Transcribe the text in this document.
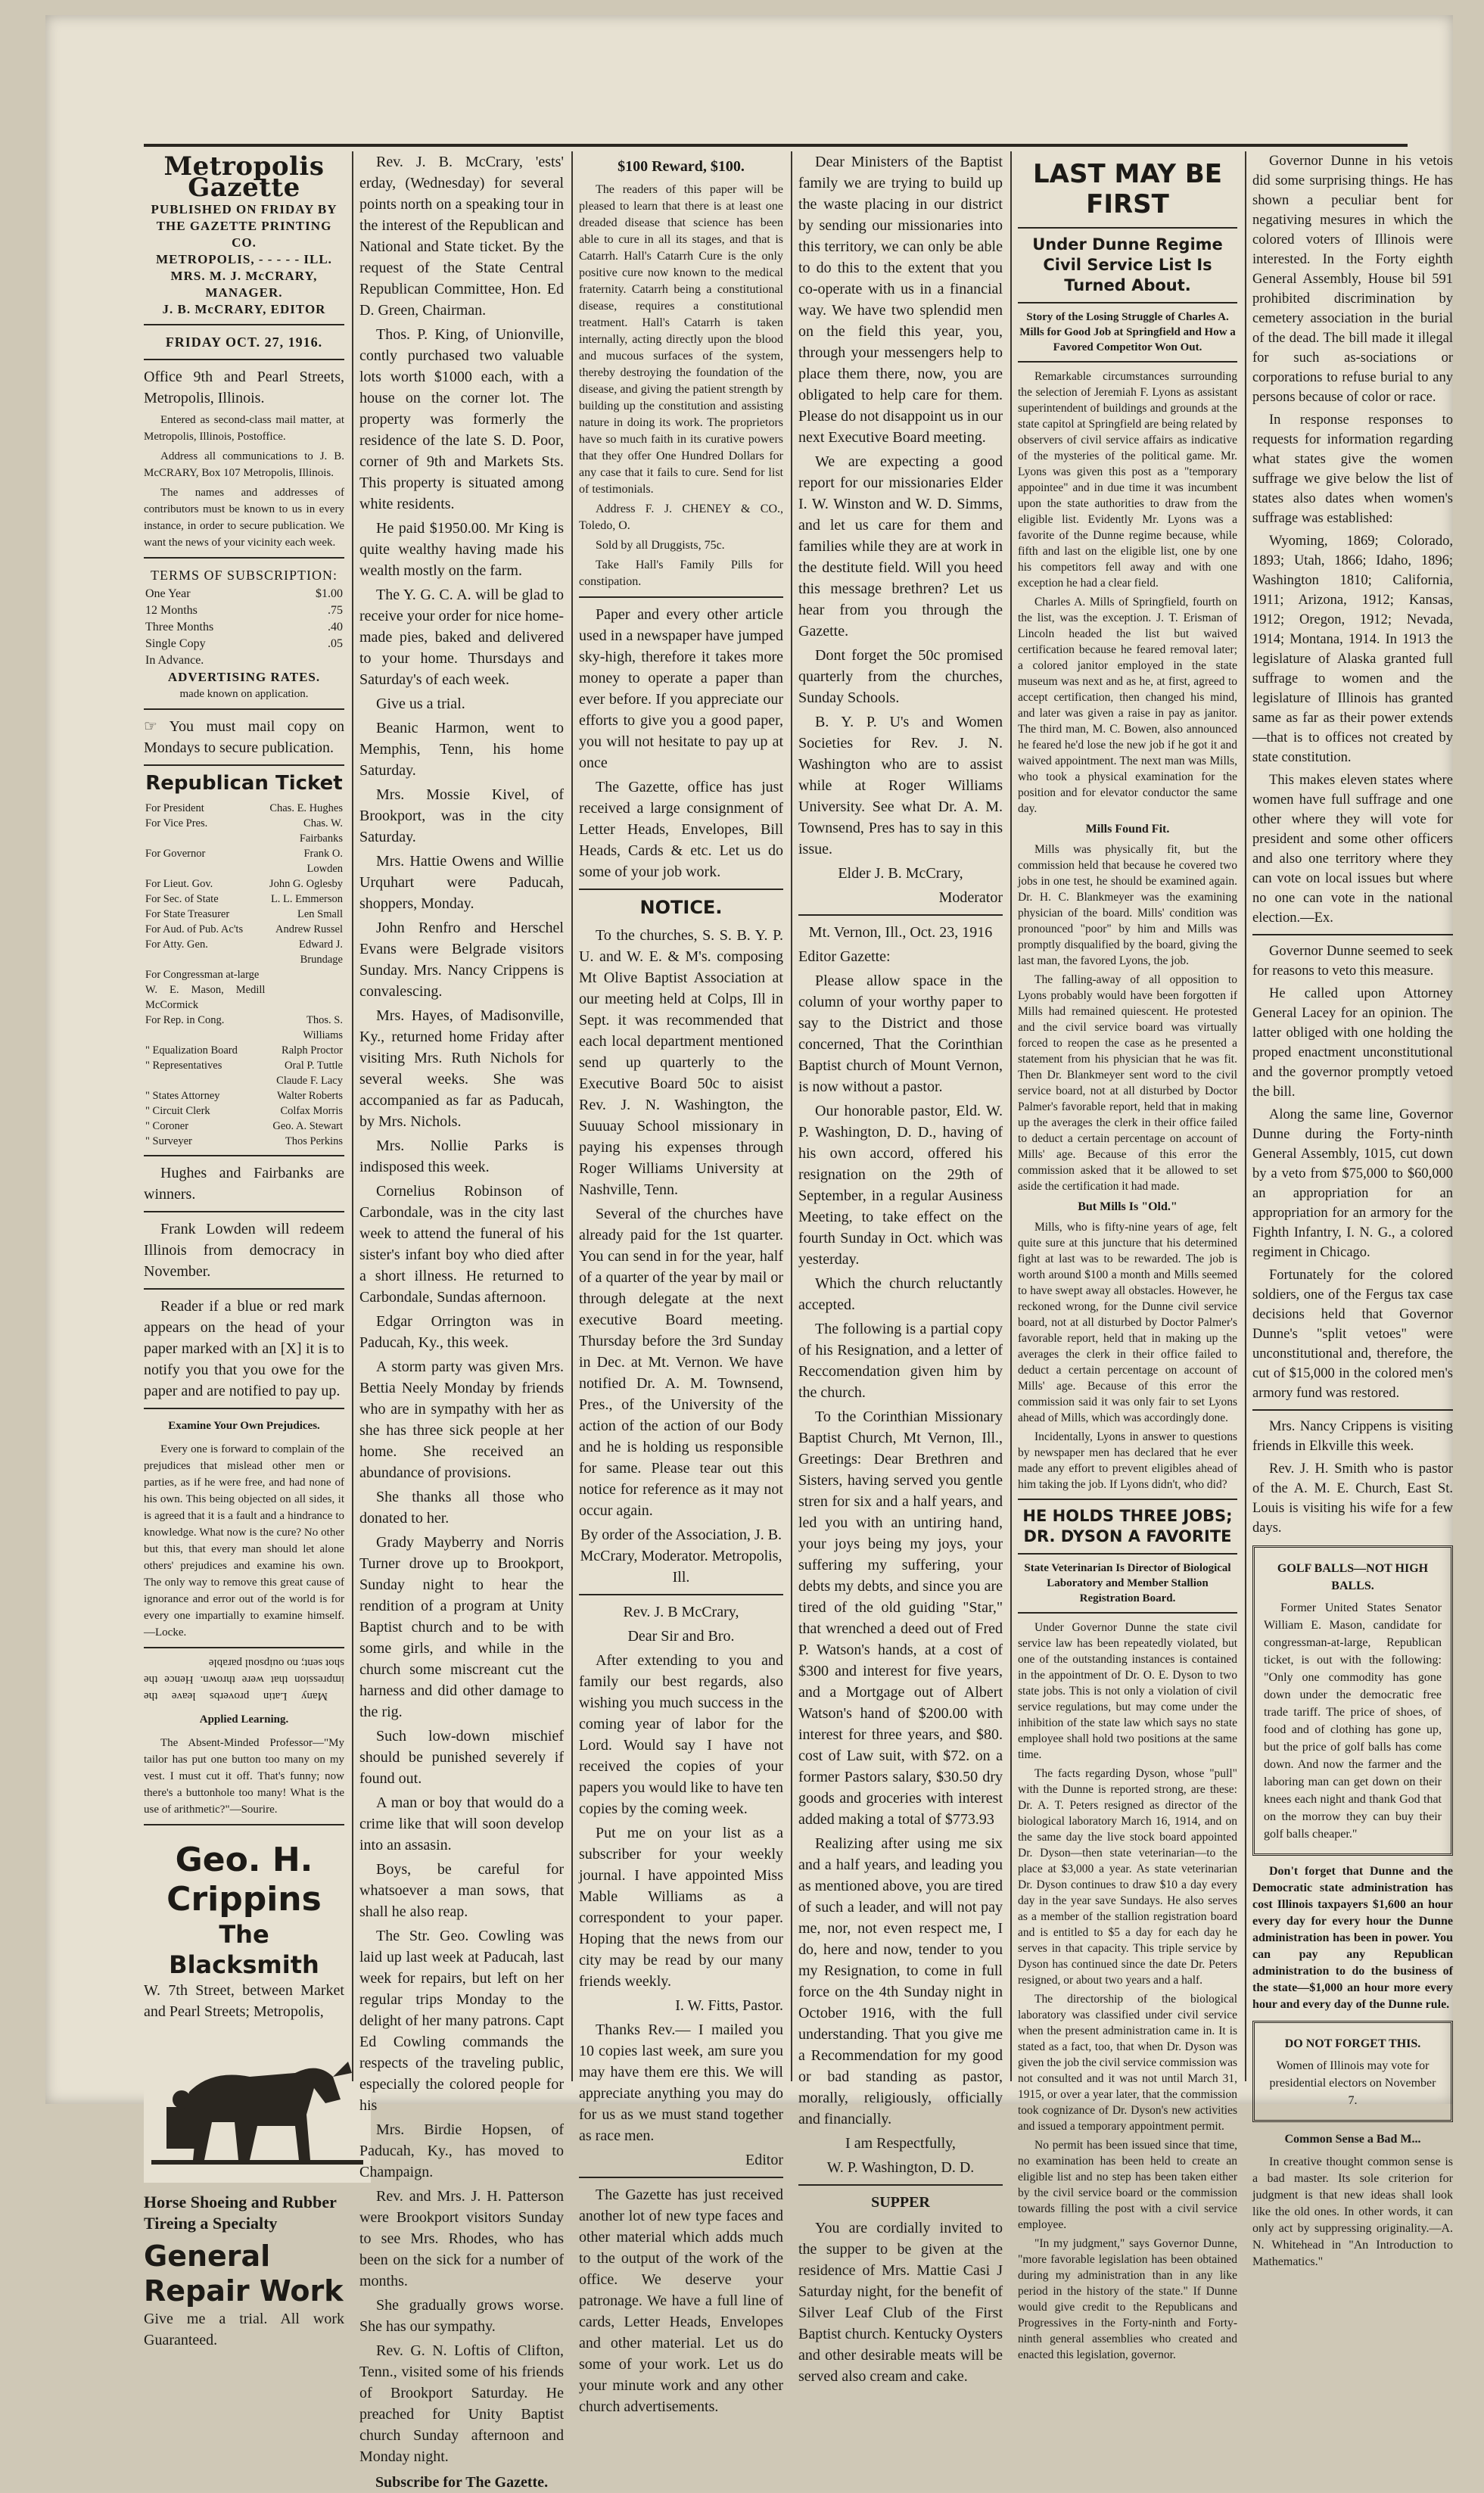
Metropolis Gazette
PUBLISHED ON FRIDAY BY
THE GAZETTE PRINTING CO.
METROPOLIS, - - - - - ILL.
MRS. M. J. McCRARY, MANAGER.
J. B. McCRARY, EDITOR
FRIDAY OCT. 27, 1916.

Office 9th and Pearl Streets, Metropolis, Illinois.

Entered as second-class mail matter, at Metropolis, Illinois, Postoffice.

Address all communications to J. B. McCRARY, Box 107 Metropolis, Illinois.

The names and addresses of contributors must be known to us in every instance, in order to secure publication. We want the news of your vicinity each week.

TERMS OF SUBSCRIPTION:
One Year	$1.00
12 Months	.75
Three Months	.40
Single Copy	.05
In Advance.	
ADVERTISING RATES.
made known on application.

☞ You must mail copy on Mondays to secure publication.

Republican Ticket
For President	Chas. E. Hughes
For Vice Pres.	Chas. W. Fairbanks
For Governor	Frank O. Lowden
For Lieut. Gov.	John G. Oglesby
For Sec. of State	L. L. Emmerson
For State Treasurer	Len Small
For Aud. of Pub. Ac'ts	Andrew Russel
For Atty. Gen.	Edward J. Brundage
For Congressman at-large	
W. E. Mason, Medill McCormick	
For Rep. in Cong.	Thos. S. Williams
" Equalization Board	Ralph Proctor
" Representatives	Oral P. Tuttle
	Claude F. Lacy
" States Attorney	Walter Roberts
" Circuit Clerk	Colfax Morris
" Coroner	Geo. A. Stewart
" Surveyer	Thos Perkins

Hughes and Fairbanks are winners.

Frank Lowden will redeem Illinois from democracy in November.

Reader if a blue or red mark appears on the head of your paper marked with an [X] it is to notify you that you owe for the paper and are notified to pay up.

Examine Your Own Prejudices.

Every one is forward to complain of the prejudices that mislead other men or parties, as if he were free, and had none of his own. This being objected on all sides, it is agreed that it is a fault and a hindrance to knowledge. What now is the cure? No other but this, that every man should let alone others' prejudices and examine his own. The only way to remove this great cause of ignorance and error out of the world is for every one impartially to examine himself.—Locke.

Many Latin proverbs leave the impression that were thrown. Hence the shot sent; no ouipsoul parable

Applied Learning.

The Absent-Minded Professor—"My tailor has put one button too many on my vest. I must cut it off. That's funny; now there's a buttonhole too many! What is the use of arithmetic?"—Sourire.

Geo. H. Crippins
The Blacksmith

W. 7th Street, between Market and Pearl Streets; Metropolis,

Horse Shoeing and Rubber Tireing a Specialty
General Repair Work

Give me a trial. All work Guaranteed.

Rev. J. B. McCrary, 'ests' erday, (Wednesday) for several points north on a speaking tour in the interest of the Republican and National and State ticket. By the request of the State Central Republican Committee, Hon. Ed D. Green, Chairman.

Thos. P. King, of Unionville, contly purchased two valuable lots worth $1000 each, with a house on the corner lot. The property was formerly the residence of the late S. D. Poor, corner of 9th and Markets Sts. This property is situated among white residents.

He paid $1950.00. Mr King is quite wealthy having made his wealth mostly on the farm.

The Y. G. C. A. will be glad to receive your order for nice home-made pies, baked and delivered to your home. Thursdays and Saturday's of each week.

Give us a trial.

Beanic Harmon, went to Memphis, Tenn, his home Saturday.

Mrs. Mossie Kivel, of Brookport, was in the city Saturday.

Mrs. Hattie Owens and Willie Urquhart were Paducah, shoppers, Monday.

John Renfro and Herschel Evans were Belgrade visitors Sunday. Mrs. Nancy Crippens is convalescing.

Mrs. Hayes, of Madisonville, Ky., returned home Friday after visiting Mrs. Ruth Nichols for several weeks. She was accompanied as far as Paducah, by Mrs. Nichols.

Mrs. Nollie Parks is indisposed this week.

Cornelius Robinson of Carbondale, was in the city last week to attend the funeral of his sister's infant boy who died after a short illness. He returned to Carbondale, Sundas afternoon.

Edgar Orrington was in Paducah, Ky., this week.

A storm party was given Mrs. Bettia Neely Monday by friends who are in sympathy with her as she has three sick people at her home. She received an abundance of provisions.

She thanks all those who donated to her.

Grady Mayberry and Norris Turner drove up to Brookport, Sunday night to hear the rendition of a program at Unity Baptist church and to be with some girls, and while in the church some miscreant cut the harness and did other damage to the rig.

Such low-down mischief should be punished severely if found out.

A man or boy that would do a crime like that will soon develop into an assasin.

Boys, be careful for whatsoever a man sows, that shall he also reap.

The Str. Geo. Cowling was laid up last week at Paducah, last week for repairs, but left on her regular trips Monday to the delight of her many patrons. Capt Ed Cowling commands the respects of the traveling public, especially the colored people for his

Mrs. Birdie Hopsen, of Paducah, Ky., has moved to Champaign.

Rev. and Mrs. J. H. Patterson were Brookport visitors Sunday to see Mrs. Rhodes, who has been on the sick for a number of months.

She gradually grows worse. She has our sympathy.

Rev. G. N. Loftis of Clifton, Tenn., visited some of his friends of Brookport Saturday. He preached for Unity Baptist church Sunday afternoon and Monday night.

Subscribe for The Gazette.
$100 Reward, $100.

The readers of this paper will be pleased to learn that there is at least one dreaded disease that science has been able to cure in all its stages, and that is Catarrh. Hall's Catarrh Cure is the only positive cure now known to the medical fraternity. Catarrh being a constitutional disease, requires a constitutional treatment. Hall's Catarrh is taken internally, acting directly upon the blood and mucous surfaces of the system, thereby destroying the foundation of the disease, and giving the patient strength by building up the constitution and assisting nature in doing its work. The proprietors have so much faith in its curative powers that they offer One Hundred Dollars for any case that it fails to cure. Send for list of testimonials.

Address F. J. CHENEY & CO., Toledo, O.

Sold by all Druggists, 75c.

Take Hall's Family Pills for constipation.

Paper and every other article used in a newspaper have jumped sky-high, therefore it takes more money to operate a paper than ever before. If you appreciate our efforts to give you a good paper, you will not hesitate to pay up at once

The Gazette, office has just received a large consignment of Letter Heads, Envelopes, Bill Heads, Cards & etc. Let us do some of your job work.

NOTICE.

To the churches, S. S. B. Y. P. U. and W. E. & M's. composing Mt Olive Baptist Association at our meeting held at Colps, Ill in Sept. it was recommended that each local department mentioned send up quarterly to the Executive Board 50c to aisist Rev. J. N. Washington, the Suuuay School missionary in paying his expenses through Roger Williams University at Nashville, Tenn.

Several of the churches have already paid for the 1st quarter. You can send in for the year, half of a quarter of the year by mail or through delegate at the next executive Board meeting. Thursday before the 3rd Sunday in Dec. at Mt. Vernon. We have notified Dr. A. M. Townsend, Pres., of the University of the action of the action of our Body and he is holding us responsible for same. Please tear out this notice for reference as it may not occur again.

By order of the Association, J. B. McCrary, Moderator. Metropolis, Ill.

Rev. J. B McCrary,

Dear Sir and Bro.

After extending to you and family our best regards, also wishing you much success in the coming year of labor for the Lord. Would say I have not received the copies of your papers you would like to have ten copies by the coming week.

Put me on your list as a subscriber for your weekly journal. I have appointed Miss Mable Williams as a correspondent to your paper. Hoping that the news from our city may be read by our many friends weekly.

I. W. Fitts, Pastor.

Thanks Rev.— I mailed you 10 copies last week, am sure you may have them ere this. We will appreciate anything you may do for us as we must stand together as race men.

Editor

The Gazette has just received another lot of new type faces and other material which adds much to the output of the work of the office. We deserve your patronage. We have a full line of cards, Letter Heads, Envelopes and other material. Let us do some of your work. Let us do your minute work and any other church advertisements.

Dear Ministers of the Baptist family we are trying to build up the waste placing in our district by sending our missionaries into this territory, we can only be able to do this to the extent that you co-operate with us in a financial way. We have two splendid men on the field this year, you, through your messengers help to place them there, now, you are obligated to help care for them. Please do not disappoint us in our next Executive Board meeting.

We are expecting a good report for our missionaries Elder I. W. Winston and W. D. Simms, and let us care for them and families while they are at work in the destitute field. Will you heed this message brethren? Let us hear from you through the Gazette.

Dont forget the 50c promised quarterly from the churches, Sunday Schools.

B. Y. P. U's and Women Societies for Rev. J. N. Washington who are to assist while at Roger Williams University. See what Dr. A. M. Townsend, Pres has to say in this issue.

Elder J. B. McCrary,

Moderator

Mt. Vernon, Ill., Oct. 23, 1916

Editor Gazette:

Please allow space in the column of your worthy paper to say to the District and those concerned, That the Corinthian Baptist church of Mount Vernon, is now without a pastor.

Our honorable pastor, Eld. W. P. Washington, D. D., having of his own accord, offered his resignation on the 29th of September, in a regular Ausiness Meeting, to take effect on the fourth Sunday in Oct. which was yesterday.

Which the church reluctantly accepted.

The following is a partial copy of his Resignation, and a letter of Reccomendation given him by the church.

To the Corinthian Missionary Baptist Church, Mt Vernon, Ill., Greetings: Dear Brethren and Sisters, having served you gentle stren for six and a half years, and led you with an untiring hand, your joys being my joys, your suffering my suffering, your debts my debts, and since you are tired of the old guiding "Star," that wrenched a deed out of Fred P. Watson's hands, at a cost of $300 and interest for five years, and a Mortgage out of Albert Watson's hand of $200.00 with interest for three years, and $80. cost of Law suit, with $72. on a former Pastors salary, $30.50 dry goods and groceries with interest added making a total of $773.93

Realizing after using me six and a half years, and leading you as mentioned above, you are tired of such a leader, and will not pay me, nor, not even respect me, I do, here and now, tender to you my Resignation, to come in full force on the 4th Sunday night in October 1916, with the full understanding. That you give me a Recommendation for my good or bad standing as pastor, morally, religiously, officially and financially.

I am Respectfully,

W. P. Washington, D. D.

SUPPER

You are cordially invited to the supper to be given at the residence of Mrs. Mattie Casi J Saturday night, for the benefit of Silver Leaf Club of the First Baptist church. Kentucky Oysters and other desirable meats will be served also cream and cake.

LAST MAY BE FIRST
Under Dunne Regime Civil Service List Is Turned About.
Story of the Losing Struggle of Charles A. Mills for Good Job at Springfield and How a Favored Competitor Won Out.

Remarkable circumstances surrounding the selection of Jeremiah F. Lyons as assistant superintendent of buildings and grounds at the state capitol at Springfield are being related by observers of civil service affairs as indicative of the mysteries of the political game. Mr. Lyons was given this post as a "temporary appointee" and in due time it was incumbent upon the state authorities to draw from the eligible list. Evidently Mr. Lyons was a favorite of the Dunne regime because, while fifth and last on the eligible list, one by one his competitors fell away and with one exception he had a clear field.

Charles A. Mills of Springfield, fourth on the list, was the exception. J. T. Erisman of Lincoln headed the list but waived certification because he feared removal later; a colored janitor employed in the state museum was next and as he, at first, agreed to accept certification, then changed his mind, and later was given a raise in pay as janitor. The third man, M. C. Bowen, also announced he feared he'd lose the new job if he got it and waived appointment. The next man was Mills, who took a physical examination for the position and for elevator conductor the same day.

Mills Found Fit.

Mills was physically fit, but the commission held that because he covered two jobs in one test, he should be examined again. Dr. H. C. Blankmeyer was the examining physician of the board. Mills' condition was pronounced "poor" by him and Mills was promptly disqualified by the board, giving the last man, the favored Lyons, the job.

The falling-away of all opposition to Lyons probably would have been forgotten if Mills had remained quiescent. He protested and the civil service board was virtually forced to reopen the case as he presented a statement from his physician that he was fit. Then Dr. Blankmeyer sent word to the civil service board, not at all disturbed by Doctor Palmer's favorable report, held that in making up the averages the clerk in their office failed to deduct a certain percentage on account of Mills' age. Because of this error the commission asked that it be allowed to set aside the certification it had made.

But Mills Is "Old."

Mills, who is fifty-nine years of age, felt quite sure at this juncture that his determined fight at last was to be rewarded. The job is worth around $100 a month and Mills seemed to have swept away all obstacles. However, he reckoned wrong, for the Dunne civil service board, not at all disturbed by Doctor Palmer's favorable report, held that in making up the averages the clerk in their office failed to deduct a certain percentage on account of Mills' age. Because of this error the commission said it was only fair to set Lyons ahead of Mills, which was accordingly done.

Incidentally, Lyons in answer to questions by newspaper men has declared that he ever made any effort to prevent eligibles ahead of him taking the job. If Lyons didn't, who did?

HE HOLDS THREE JOBS; DR. DYSON A FAVORITE
State Veterinarian Is Director of Biological Laboratory and Member Stallion Registration Board.

Under Governor Dunne the state civil service law has been repeatedly violated, but one of the outstanding instances is contained in the appointment of Dr. O. E. Dyson to two state jobs. This is not only a violation of civil service regulations, but may come under the inhibition of the state law which says no state employee shall hold two positions at the same time.

The facts regarding Dyson, whose "pull" with the Dunne is reported strong, are these: Dr. A. T. Peters resigned as director of the biological laboratory March 16, 1914, and on the same day the live stock board appointed Dr. Dyson—then state veterinarian—to the place at $3,000 a year. As state veterinarian Dr. Dyson continues to draw $10 a day every day in the year save Sundays. He also serves as a member of the stallion registration board and is entitled to $5 a day for each day he serves in that capacity. This triple service by Dyson has continued since the date Dr. Peters resigned, or about two years and a half.

The directorship of the biological laboratory was classified under civil service when the present administration came in. It is stated as a fact, too, that when Dr. Dyson was given the job the civil service commission was not consulted and it was not until March 31, 1915, or over a year later, that the commission took cognizance of Dr. Dyson's new activities and issued a temporary appointment permit.

No permit has been issued since that time, no examination has been held to create an eligible list and no step has been taken either by the civil service board or the commission towards filling the post with a civil service employee.

"In my judgment," says Governor Dunne, "more favorable legislation has been obtained during my administration than in any like period in the history of the state." If Dunne would give credit to the Republicans and Progressives in the Forty-ninth and Forty-ninth general assemblies who created and enacted this legislation, governor.

Governor Dunne in his vetois did some surprising things. He has shown a peculiar bent for negativing mesures in which the colored voters of Illinois were interested. In the Forty eighth General Assembly, House bil 591 prohibited discrimination by cemetery association in the burial of the dead. The bill made it illegal for such as-sociations or corporations to refuse burial to any persons because of color or race.

In response responses to requests for information regarding what states give the women suffrage we give below the list of states also dates when women's suffrage was established:

Wyoming, 1869; Colorado, 1893; Utah, 1866; Idaho, 1896; Washington 1810; California, 1911; Arizona, 1912; Kansas, 1912; Oregon, 1912; Nevada, 1914; Montana, 1914. In 1913 the legislature of Alaska granted full suffrage to women and the legislature of Illinois has granted same as far as their power extends—that is to offices not created by state constitution.

This makes eleven states where women have full suffrage and one other where they will vote for president and some other officers and also one territory where they can vote on local issues but where no one can vote in the national election.—Ex.

Governor Dunne seemed to seek for reasons to veto this measure.

He called upon Attorney General Lacey for an opinion. The latter obliged with one holding the proped enactment unconstitutional and the governor promptly vetoed the bill.

Along the same line, Governor Dunne during the Forty-ninth General Assembly, 1015, cut down by a veto from $75,000 to $60,000 an appropriation for an appropriation for an armory for the Fighth Infantry, I. N. G., a colored regiment in Chicago.

Fortunately for the colored soldiers, one of the Fergus tax case decisions held that Governor Dunne's "split vetoes" were unconstitutional and, therefore, the cut of $15,000 in the colored men's armory fund was restored.

Mrs. Nancy Crippens is visiting friends in Elkville this week.

Rev. J. H. Smith who is pastor of the A. M. E. Church, East St. Louis is visiting his wife for a few days.

GOLF BALLS—NOT HIGH BALLS.

Former United States Senator William E. Mason, candidate for congressman-at-large, Republican ticket, is out with the following: "Only one commodity has gone down under the democratic free trade tariff. The price of shoes, of food and of clothing has gone up, but the price of golf balls has come down. And now the farmer and the laboring man can get down on their knees each night and thank God that on the morrow they can buy their golf balls cheaper."

Don't forget that Dunne and the Democratic state administration has cost Illinois taxpayers $1,600 an hour every day for every hour the Dunne administration has been in power. You can pay any Republican administration to do the business of the state—$1,000 an hour more every hour and every day of the Dunne rule.

DO NOT FORGET THIS.

Women of Illinois may vote for presidential electors on November 7.

Common Sense a Bad M...

In creative thought common sense is a bad master. Its sole criterion for judgment is that new ideas shall look like the old ones. In other words, it can only act by suppressing originality.—A. N. Whitehead in "An Introduction to Mathematics."
